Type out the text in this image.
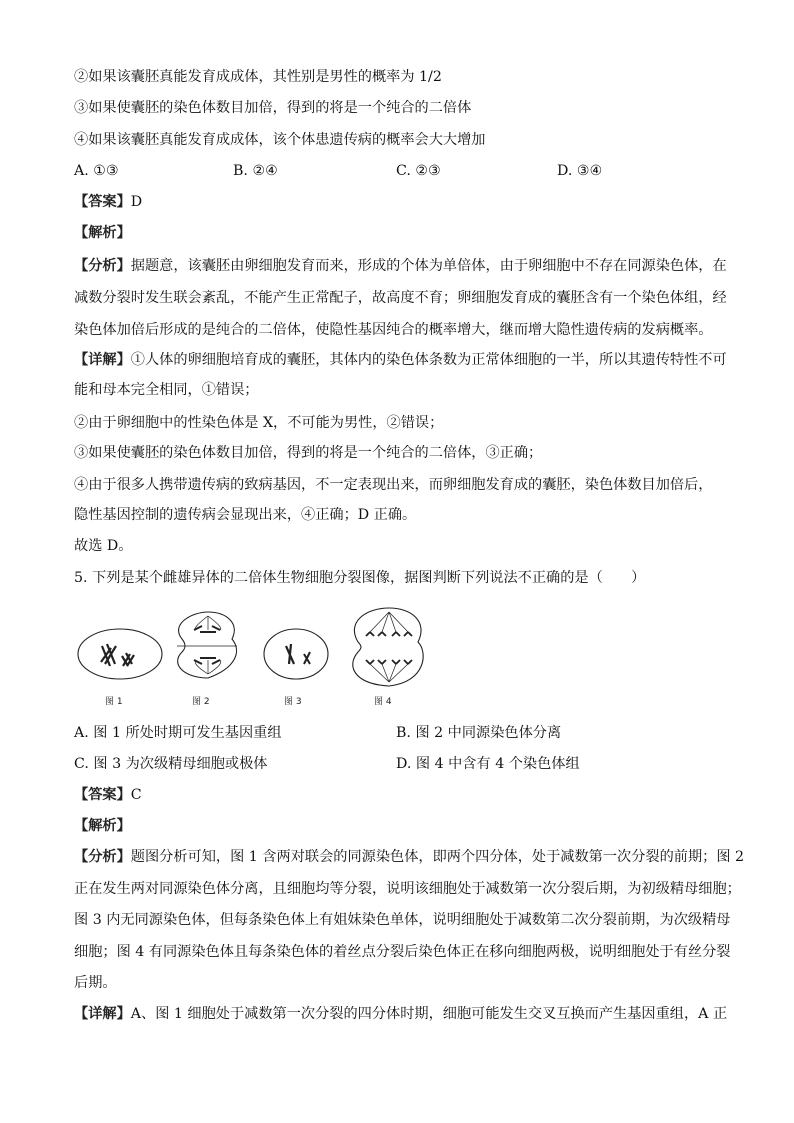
②如果该囊胚真能发育成成体，其性别是男性的概率为 1/2
③如果使囊胚的染色体数目加倍，得到的将是一个纯合的二倍体
④如果该囊胚真能发育成成体，该个体患遗传病的概率会大大增加
A. ①③	B. ②④	C. ②③	D. ③④
【答案】D
【解析】
【分析】据题意，该囊胚由卵细胞发育而来，形成的个体为单倍体，由于卵细胞中不存在同源染色体，在
减数分裂时发生联会紊乱，不能产生正常配子，故高度不育；卵细胞发育成的囊胚含有一个染色体组，经
染色体加倍后形成的是纯合的二倍体，使隐性基因纯合的概率增大，继而增大隐性遗传病的发病概率。
【详解】①人体的卵细胞培育成的囊胚，其体内的染色体条数为正常体细胞的一半，所以其遗传特性不可
能和母本完全相同，①错误；
②由于卵细胞中的性染色体是 X，不可能为男性，②错误；
③如果使囊胚的染色体数目加倍，得到的将是一个纯合的二倍体，③正确；
④由于很多人携带遗传病的致病基因，不一定表现出来，而卵细胞发育成的囊胚，染色体数目加倍后，
隐性基因控制的遗传病会显现出来，④正确；D 正确。
故选 D。
5. 下列是某个雌雄异体的二倍体生物细胞分裂图像，据图判断下列说法不正确的是（　　）
图 1	图 2	图 3	图 4
A. 图 1 所处时期可发生基因重组	B. 图 2 中同源染色体分离
C. 图 3 为次级精母细胞或极体	D. 图 4 中含有 4 个染色体组
【答案】C
【解析】
【分析】题图分析可知，图 1 含两对联会的同源染色体，即两个四分体，处于减数第一次分裂的前期；图 2
正在发生两对同源染色体分离，且细胞均等分裂，说明该细胞处于减数第一次分裂后期，为初级精母细胞；
图 3 内无同源染色体，但每条染色体上有姐妹染色单体，说明细胞处于减数第二次分裂前期，为次级精母
细胞；图 4 有同源染色体且每条染色体的着丝点分裂后染色体正在移向细胞两极，说明细胞处于有丝分裂
后期。
【详解】A、图 1 细胞处于减数第一次分裂的四分体时期，细胞可能发生交叉互换而产生基因重组，A 正
